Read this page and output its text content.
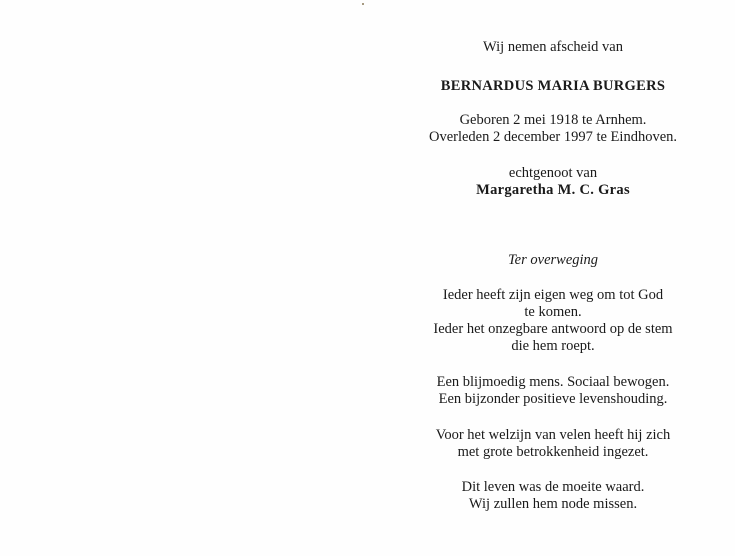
Wij nemen afscheid van
BERNARDUS MARIA BURGERS
Geboren 2 mei 1918 te Arnhem.
Overleden 2 december 1997 te Eindhoven.
echtgenoot van
Margaretha M. C. Gras
Ter overweging
Ieder heeft zijn eigen weg om tot God
te komen.
Ieder het onzegbare antwoord op de stem
die hem roept.
Een blijmoedig mens. Sociaal bewogen.
Een bijzonder positieve levenshouding.
Voor het welzijn van velen heeft hij zich
met grote betrokkenheid ingezet.
Dit leven was de moeite waard.
Wij zullen hem node missen.
